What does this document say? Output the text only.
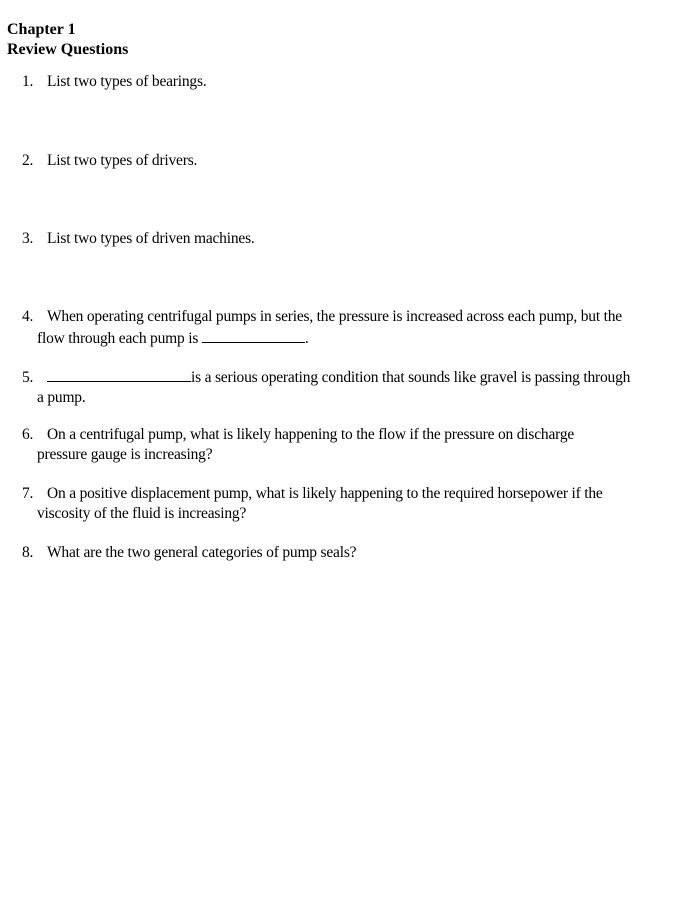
Chapter 1
Review Questions
1. List two types of bearings.
2. List two types of drivers.
3. List two types of driven machines.
4. When operating centrifugal pumps in series, the pressure is increased across each pump, but the
flow through each pump is	.
5.	is a serious operating condition that sounds like gravel is passing through
a pump.
6. On a centrifugal pump, what is likely happening to the flow if the pressure on discharge
pressure gauge is increasing?
7. On a positive displacement pump, what is likely happening to the required horsepower if the
viscosity of the fluid is increasing?
8. What are the two general categories of pump seals?
